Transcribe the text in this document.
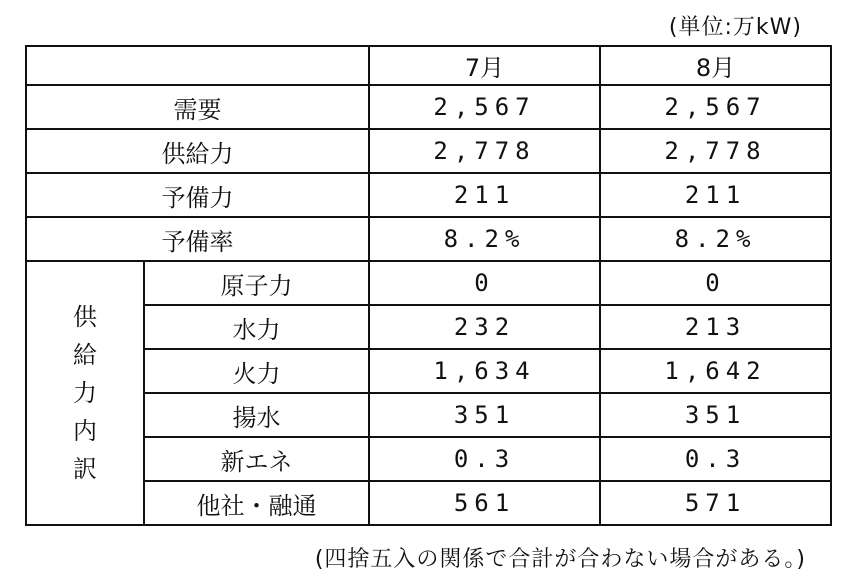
(単位:万kW)
		7月	8月
需要		2,567	2,567
供給力		2,778	2,778
予備力		211	211
予備率		8.2%	8.2%

供
給
力
内
訳	原子力	0	0
	水力	232	213
	火力	1,634	1,642
	揚水	351	351
	新エネ	0.3	0.3
	他社・融通	561	571
(四捨五入の関係で合計が合わない場合がある。)
